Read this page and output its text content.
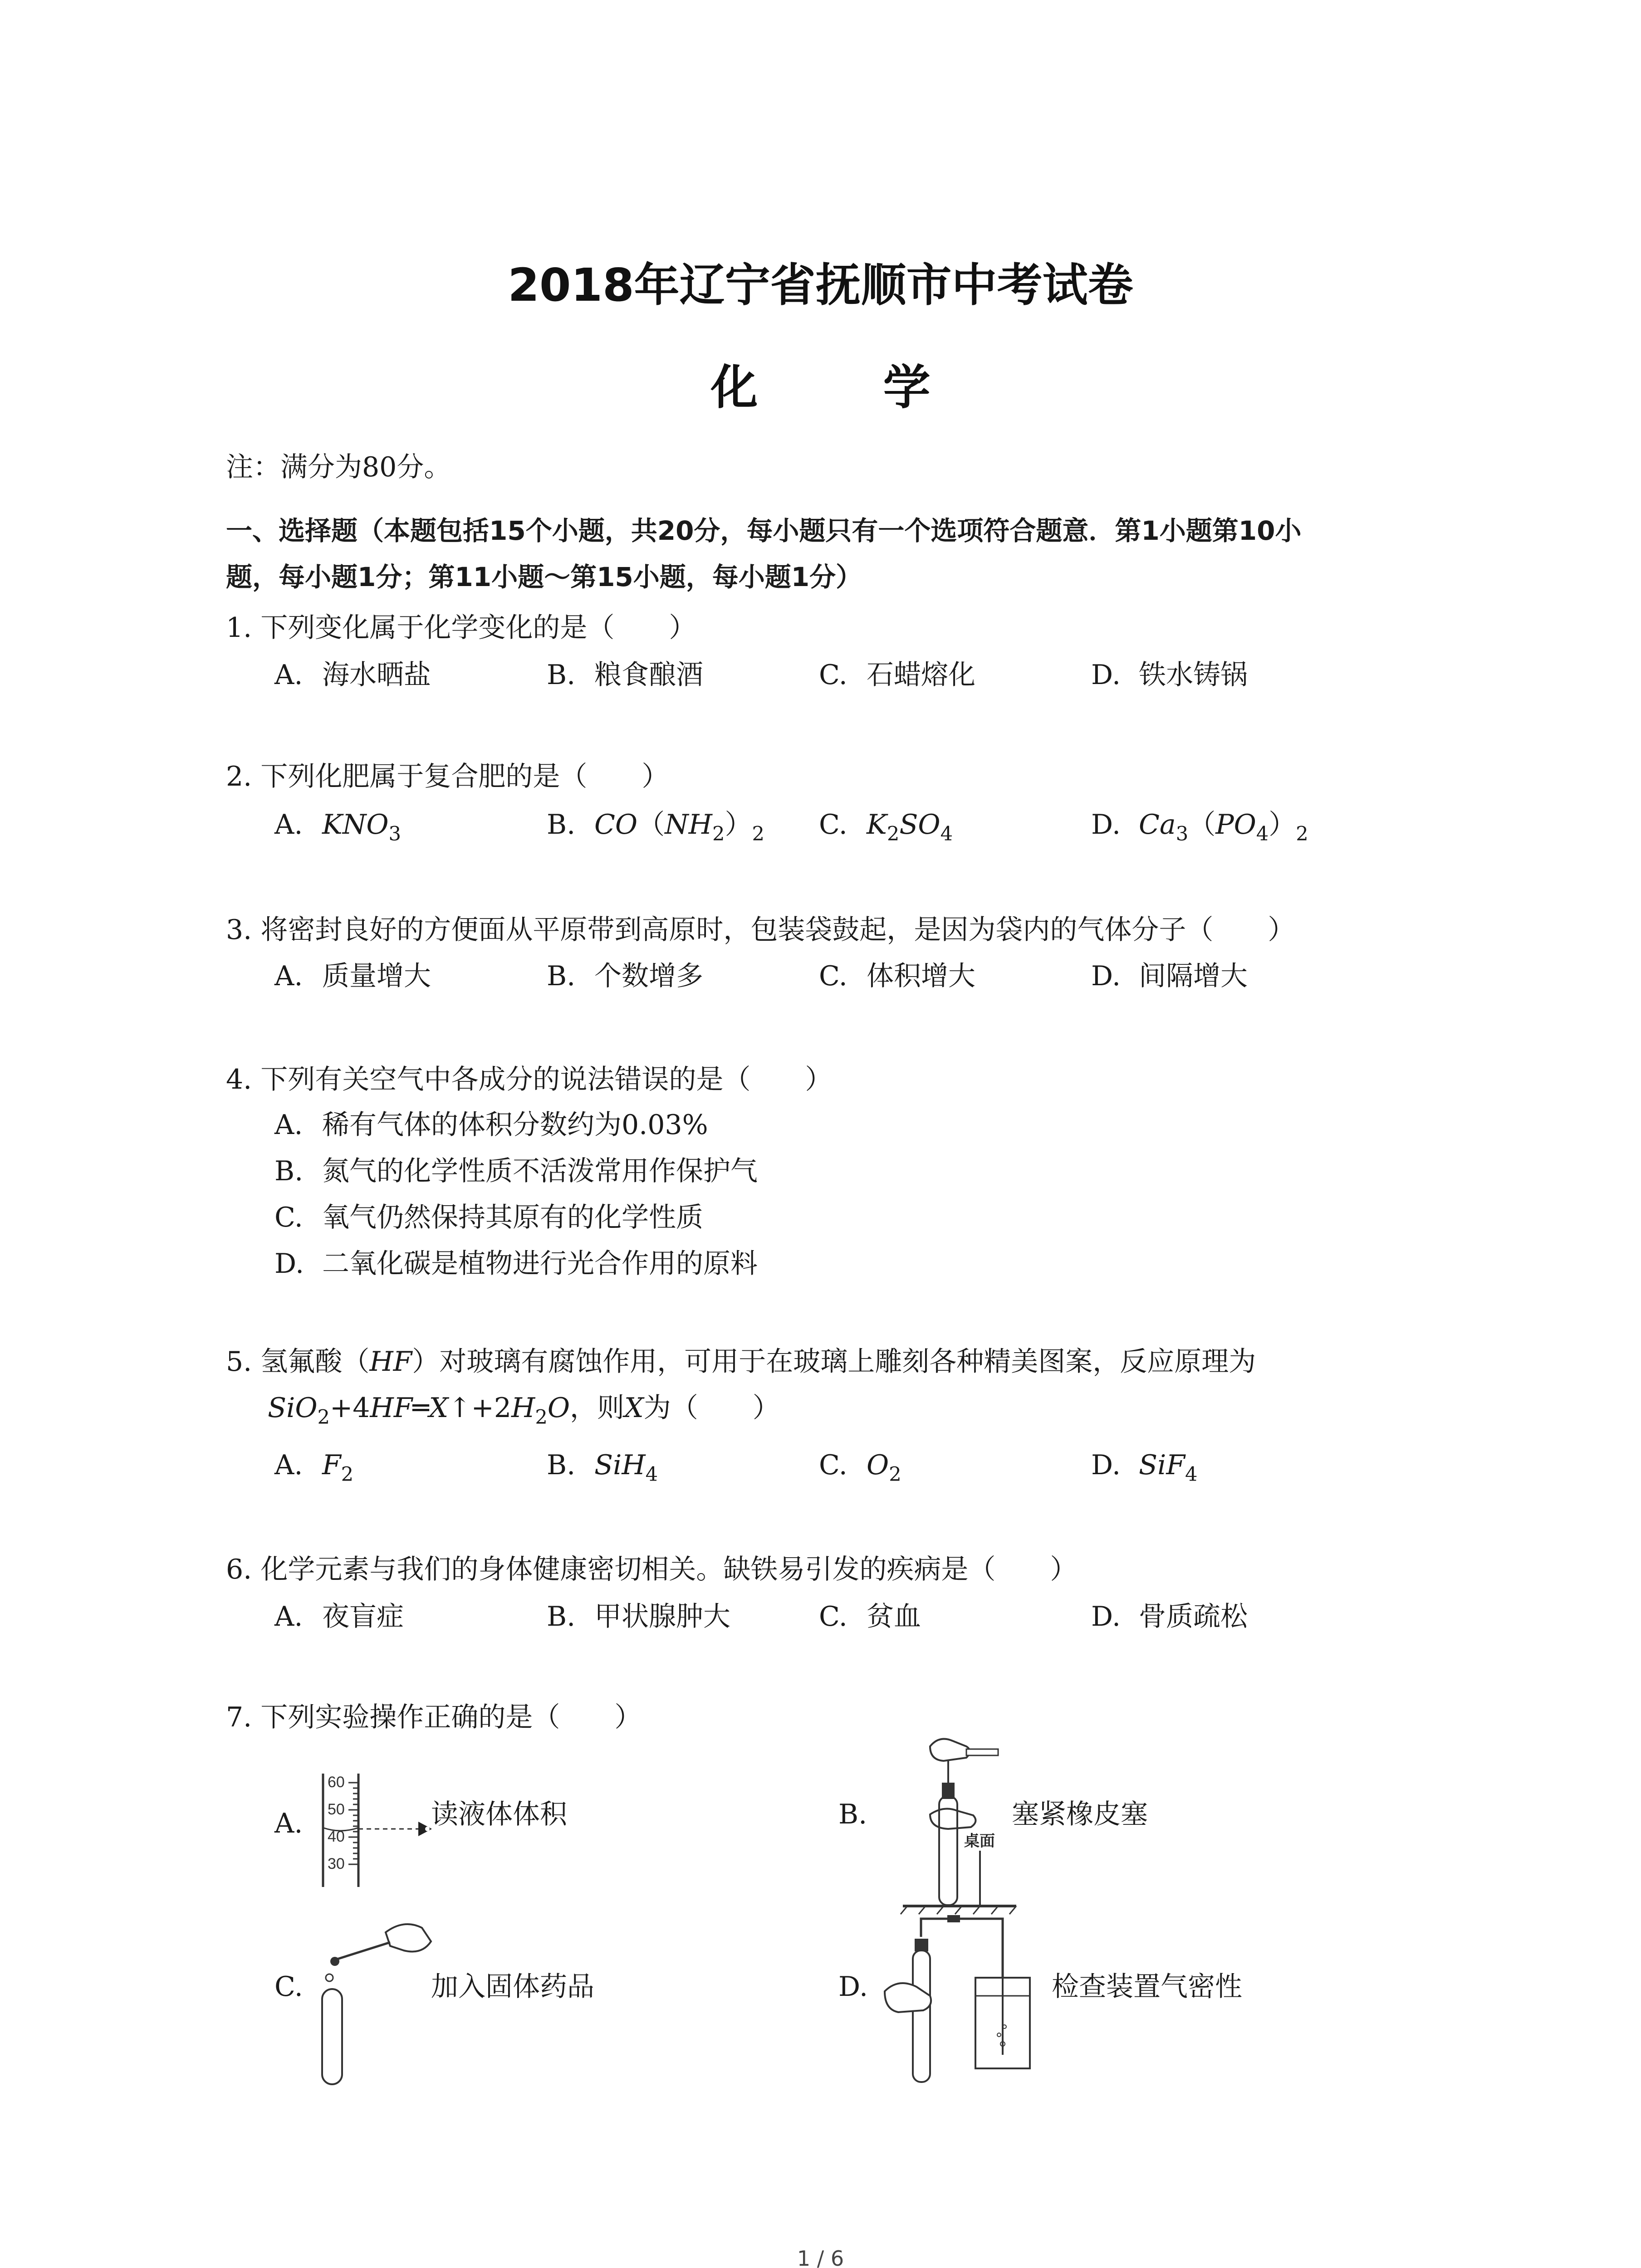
2018年辽宁省抚顺市中考试卷
化 学
注：满分为80分。
一、选择题（本题包括15个小题，共20分，每小题只有一个选项符合题意．第1小题第10小
题，每小题1分；第11小题～第15小题，每小题1分）
1. 下列变化属于化学变化的是（　　）
A. 海水晒盐	B. 粮食酿酒	C. 石蜡熔化	D. 铁水铸锅
2. 下列化肥属于复合肥的是（　　）
A. $KNO_3$	B. $CO(NH_2)_2$ C. $K_2SO_4$	D. $Ca_3(PO_4)_2$
3. 将密封良好的方便面从平原带到高原时，包装袋鼓起，是因为袋内的气体分子（　　）
A. 质量增大	B. 个数增多	C. 体积增大	D. 间隔增大
4. 下列有关空气中各成分的说法错误的是（　　）
A. 稀有气体的体积分数约为0.03%
B. 氮气的化学性质不活泼常用作保护气
C. 氧气仍然保持其原有的化学性质
D. 二氧化碳是植物进行光合作用的原料
5. 氢氟酸（HF）对玻璃有腐蚀作用，可用于在玻璃上雕刻各种精美图案，反应原理为
$SiO_2+4HF═X↑+2H_2O$，则X为（　　）
A. $F_2$	B. SiH$_4$	C. $O_2$	D. SiF$_4$
6. 化学元素与我们的身体健康密切相关。缺铁易引发的疾病是（　　）
A. 夜盲症	B. 甲状腺肿大	C. 贫血	D. 骨质疏松
7. 下列实验操作正确的是（　　）
A.
60
50
40
30
读液体体积	B.
桌面
塞紧橡皮塞
C.	加入固体药品	D.	检查装置气密性
1 / 6
